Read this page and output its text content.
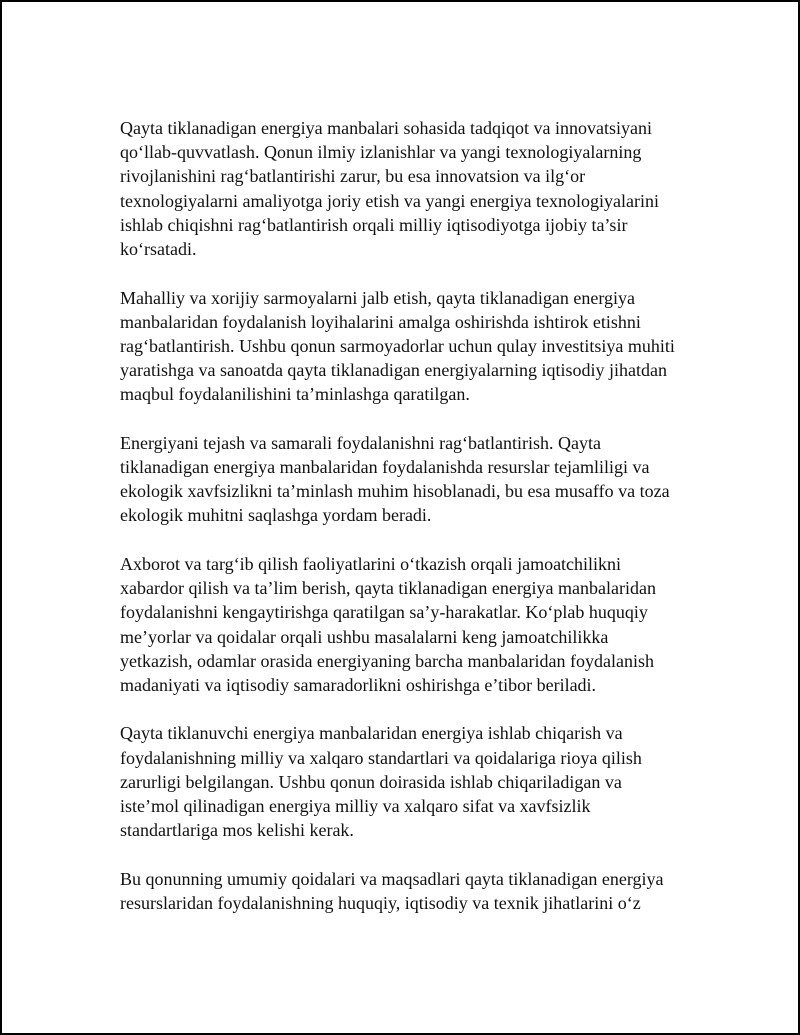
Qayta tiklanadigan energiya manbalari sohasida tadqiqot va innovatsiyani
qo‘llab-quvvatlash. Qonun ilmiy izlanishlar va yangi texnologiyalarning
rivojlanishini rag‘batlantirishi zarur, bu esa innovatsion va ilg‘or
texnologiyalarni amaliyotga joriy etish va yangi energiya texnologiyalarini
ishlab chiqishni rag‘batlantirish orqali milliy iqtisodiyotga ijobiy ta’sir
ko‘rsatadi.

Mahalliy va xorijiy sarmoyalarni jalb etish, qayta tiklanadigan energiya
manbalaridan foydalanish loyihalarini amalga oshirishda ishtirok etishni
rag‘batlantirish. Ushbu qonun sarmoyadorlar uchun qulay investitsiya muhiti
yaratishga va sanoatda qayta tiklanadigan energiyalarning iqtisodiy jihatdan
maqbul foydalanilishini ta’minlashga qaratilgan.

Energiyani tejash va samarali foydalanishni rag‘batlantirish. Qayta
tiklanadigan energiya manbalaridan foydalanishda resurslar tejamliligi va
ekologik xavfsizlikni ta’minlash muhim hisoblanadi, bu esa musaffo va toza
ekologik muhitni saqlashga yordam beradi.

Axborot va targ‘ib qilish faoliyatlarini o‘tkazish orqali jamoatchilikni
xabardor qilish va ta’lim berish, qayta tiklanadigan energiya manbalaridan
foydalanishni kengaytirishga qaratilgan sa’y-harakatlar. Ko‘plab huquqiy
me’yorlar va qoidalar orqali ushbu masalalarni keng jamoatchilikka
yetkazish, odamlar orasida energiyaning barcha manbalaridan foydalanish
madaniyati va iqtisodiy samaradorlikni oshirishga e’tibor beriladi.

Qayta tiklanuvchi energiya manbalaridan energiya ishlab chiqarish va
foydalanishning milliy va xalqaro standartlari va qoidalariga rioya qilish
zarurligi belgilangan. Ushbu qonun doirasida ishlab chiqariladigan va
iste’mol qilinadigan energiya milliy va xalqaro sifat va xavfsizlik
standartlariga mos kelishi kerak.

Bu qonunning umumiy qoidalari va maqsadlari qayta tiklanadigan energiya
resurslaridan foydalanishning huquqiy, iqtisodiy va texnik jihatlarini o‘z
